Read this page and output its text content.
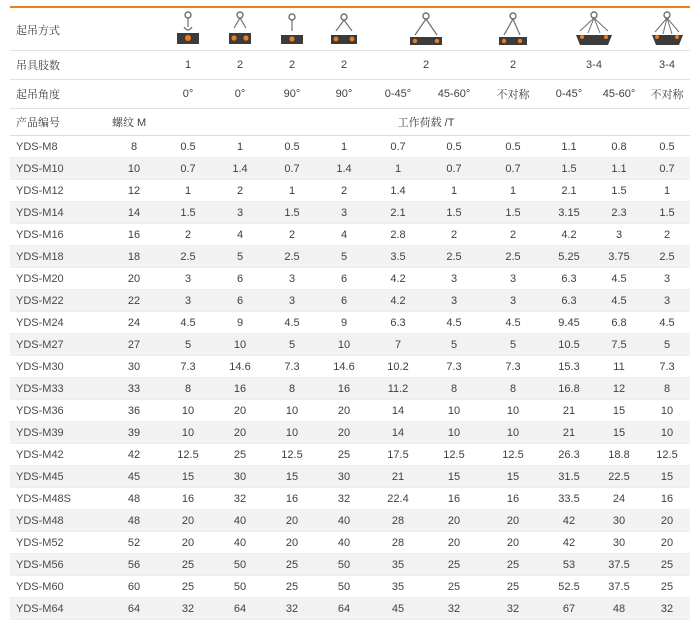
起吊方式	

吊具肢数		1	2	2	2	2		2	3-4		3-4
起吊角度		0°	0°	90°	90°	0-45°	45-60°	不对称	0-45°	45-60°	不对称
产品编号	螺纹 M	工作荷载 /T									
YDS-M8	8	0.5	1	0.5	1	0.7	0.5	0.5	1.1	0.8	0.5
YDS-M10	10	0.7	1.4	0.7	1.4	1	0.7	0.7	1.5	1.1	0.7
YDS-M12	12	1	2	1	2	1.4	1	1	2.1	1.5	1
YDS-M14	14	1.5	3	1.5	3	2.1	1.5	1.5	3.15	2.3	1.5
YDS-M16	16	2	4	2	4	2.8	2	2	4.2	3	2
YDS-M18	18	2.5	5	2.5	5	3.5	2.5	2.5	5.25	3.75	2.5
YDS-M20	20	3	6	3	6	4.2	3	3	6.3	4.5	3
YDS-M22	22	3	6	3	6	4.2	3	3	6.3	4.5	3
YDS-M24	24	4.5	9	4.5	9	6.3	4.5	4.5	9.45	6.8	4.5
YDS-M27	27	5	10	5	10	7	5	5	10.5	7.5	5
YDS-M30	30	7.3	14.6	7.3	14.6	10.2	7.3	7.3	15.3	11	7.3
YDS-M33	33	8	16	8	16	11.2	8	8	16.8	12	8
YDS-M36	36	10	20	10	20	14	10	10	21	15	10
YDS-M39	39	10	20	10	20	14	10	10	21	15	10
YDS-M42	42	12.5	25	12.5	25	17.5	12.5	12.5	26.3	18.8	12.5
YDS-M45	45	15	30	15	30	21	15	15	31.5	22.5	15
YDS-M48S	48	16	32	16	32	22.4	16	16	33.5	24	16
YDS-M48	48	20	40	20	40	28	20	20	42	30	20
YDS-M52	52	20	40	20	40	28	20	20	42	30	20
YDS-M56	56	25	50	25	50	35	25	25	53	37.5	25
YDS-M60	60	25	50	25	50	35	25	25	52.5	37.5	25
YDS-M64	64	32	64	32	64	45	32	32	67	48	32
